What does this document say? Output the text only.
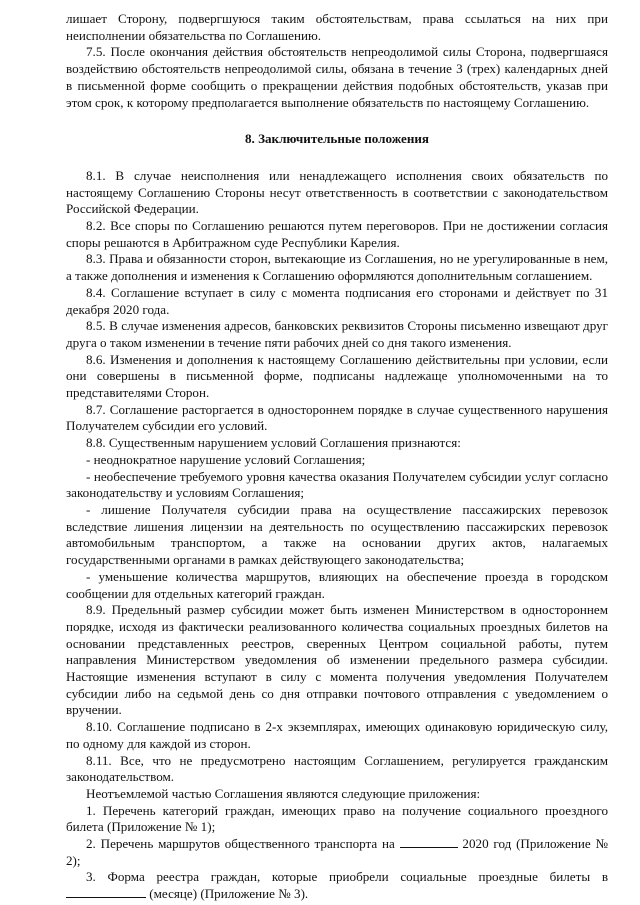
лишает Сторону, подвергшуюся таким обстоятельствам, права ссылаться на них при неисполнении обязательства по Соглашению.

7.5. После окончания действия обстоятельств непреодолимой силы Сторона, подвергшаяся воздействию обстоятельств непреодолимой силы, обязана в течение 3 (трех) календарных дней в письменной форме сообщить о прекращении действия подобных обстоятельств, указав при этом срок, к которому предполагается выполнение обязательств по настоящему Соглашению.

8. Заключительные положения

8.1. В случае неисполнения или ненадлежащего исполнения своих обязательств по настоящему Соглашению Стороны несут ответственность в соответствии с законодательством Российской Федерации.

8.2. Все споры по Соглашению решаются путем переговоров. При не достижении согласия споры решаются в Арбитражном суде Республики Карелия.

8.3. Права и обязанности сторон, вытекающие из Соглашения, но не урегулированные в нем, а также дополнения и изменения к Соглашению оформляются дополнительным соглашением.

8.4. Соглашение вступает в силу с момента подписания его сторонами и действует по 31 декабря 2020 года.

8.5. В случае изменения адресов, банковских реквизитов Стороны письменно извещают друг друга о таком изменении в течение пяти рабочих дней со дня такого изменения.

8.6. Изменения и дополнения к настоящему Соглашению действительны при условии, если они совершены в письменной форме, подписаны надлежаще уполномоченными на то представителями Сторон.

8.7. Соглашение расторгается в одностороннем порядке в случае существенного нарушения Получателем субсидии его условий.

8.8. Существенным нарушением условий Соглашения признаются:

- неоднократное нарушение условий Соглашения;

- необеспечение требуемого уровня качества оказания Получателем субсидии услуг согласно законодательству и условиям Соглашения;

- лишение Получателя субсидии права на осуществление пассажирских перевозок вследствие лишения лицензии на деятельность по осуществлению пассажирских перевозок автомобильным транспортом, а также на основании других актов, налагаемых государственными органами в рамках действующего законодательства;

- уменьшение количества маршрутов, влияющих на обеспечение проезда в городском сообщении для отдельных категорий граждан.

8.9. Предельный размер субсидии может быть изменен Министерством в одностороннем порядке, исходя из фактически реализованного количества социальных проездных билетов на основании представленных реестров, сверенных Центром социальной работы, путем направления Министерством уведомления об изменении предельного размера субсидии. Настоящие изменения вступают в силу с момента получения уведомления Получателем субсидии либо на седьмой день со дня отправки почтового отправления с уведомлением о вручении.

8.10. Соглашение подписано в 2-х экземплярах, имеющих одинаковую юридическую силу, по одному для каждой из сторон.

8.11. Все, что не предусмотрено настоящим Соглашением, регулируется гражданским законодательством.

Неотъемлемой частью Соглашения являются следующие приложения:

1. Перечень категорий граждан, имеющих право на получение социального проездного билета (Приложение № 1);

2. Перечень маршрутов общественного транспорта на	2020 год (Приложение № 2);

3. Форма реестра граждан, которые приобрели социальные проездные билеты в  (месяце) (Приложение № 3).
